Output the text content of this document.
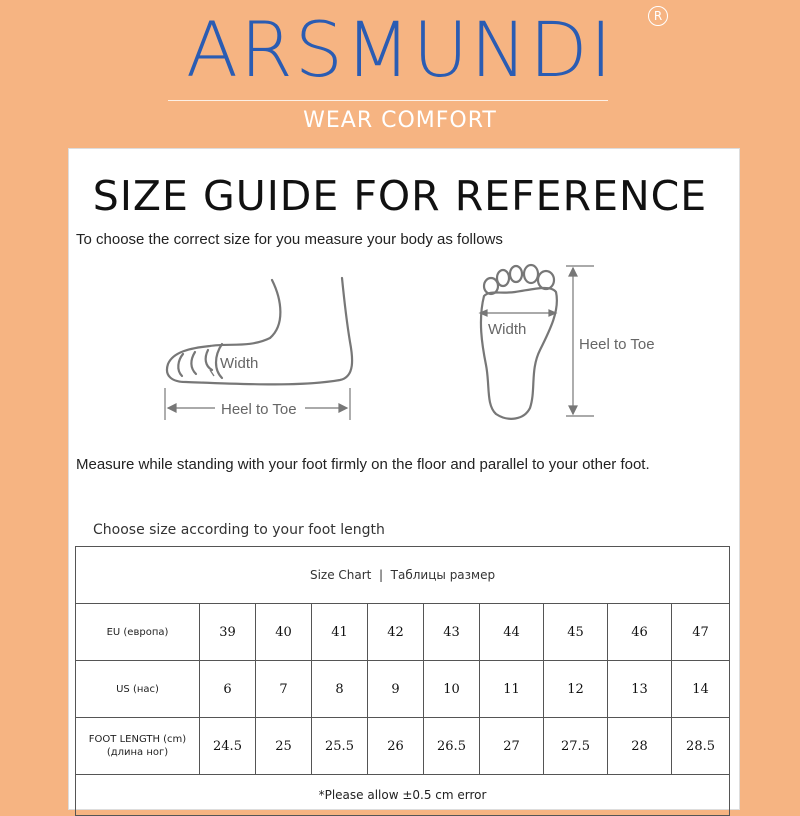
ARSMUNDI	R
WEAR COMFORT
SIZE GUIDE FOR REFERENCE
To choose the correct size for you measure your body as follows
Width
Heel to Toe
Width
Heel to Toe
Measure while standing with your foot firmly on the floor and parallel to your other foot.
Choose size according to your foot length
Size Chart  |  Таблицы размер									

EU (европа)	39	40	41	42	43	44	45	46	47

US (нас)	6	7	8	9	10	11	12	13	14

FOOT LENGTH (cm)
(длина ног)	24.5	25	25.5	26	26.5	27	27.5	28	28.5
*Please allow ±0.5 cm error									
